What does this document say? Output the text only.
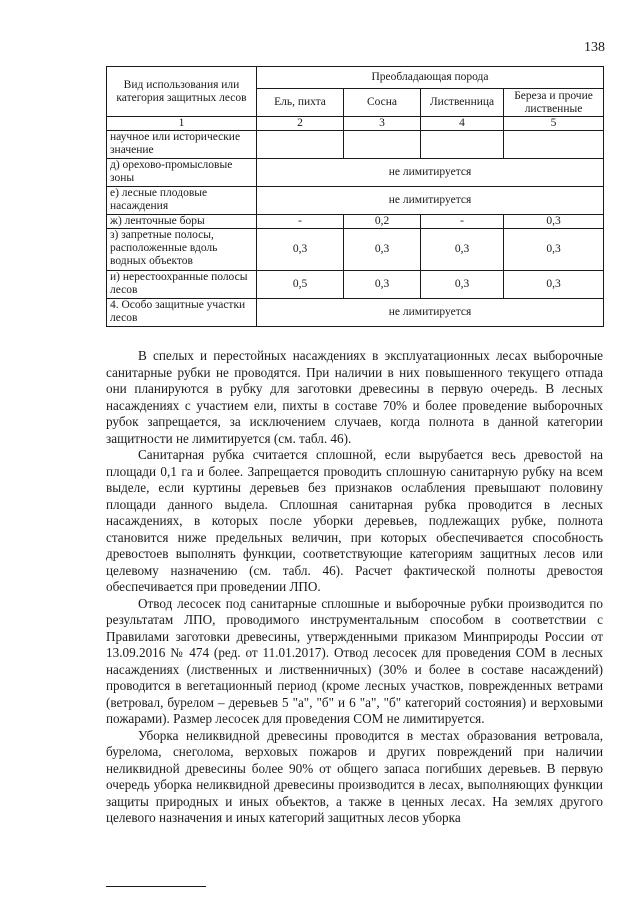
138
Вид использования или категория защитных лесов	Преобладающая порода			
	Ель, пихта	Сосна	Лиственница	Береза и прочие лиственные
1	2	3	4	5
научное или исторические значение				
д) орехово-промысловые зоны	не лимитируется			
е) лесные плодовые насаждения	не лимитируется			
ж) ленточные боры	-	0,2	-	0,3
з) запретные полосы, расположенные вдоль водных объектов	0,3	0,3	0,3	0,3
и) нерестоохранные полосы лесов	0,5	0,3	0,3	0,3
4. Особо защитные участки лесов	не лимитируется			

В спелых и перестойных насаждениях в эксплуатационных лесах выборочные санитарные рубки не проводятся. При наличии в них повышенного текущего отпада они планируются в рубку для заготовки древесины в первую очередь. В лесных насаждениях с участием ели, пихты в составе 70% и более проведение выборочных рубок запрещается, за исключением случаев, когда полнота в данной категории защитности не лимитируется (см. табл. 46).

Санитарная рубка считается сплошной, если вырубается весь древостой на площади 0,1 га и более. Запрещается проводить сплошную санитарную рубку на всем выделе, если куртины деревьев без признаков ослабления превышают половину площади данного выдела. Сплошная санитарная рубка проводится в лесных насаждениях, в которых после уборки деревьев, подлежащих рубке, полнота становится ниже предельных величин, при которых обеспечивается способность древостоев выполнять функции, соответствующие категориям защитных лесов или целевому назначению (см. табл. 46). Расчет фактической полноты древостоя обеспечивается при проведении ЛПО.

Отвод лесосек под санитарные сплошные и выборочные рубки производится по результатам ЛПО, проводимого инструментальным способом в соответствии с Правилами заготовки древесины, утвержденными приказом Минприроды России от 13.09.2016 № 474 (ред. от 11.01.2017). Отвод лесосек для проведения СОМ в лесных насаждениях (лиственных и лиственничных) (30% и более в составе насаждений) проводится в вегетационный период (кроме лесных участков, поврежденных ветрами (ветровал, бурелом – деревьев 5 "а", "б" и 6 "а", "б" категорий состояния) и верховыми пожарами). Размер лесосек для проведения СОМ не лимитируется.

Уборка неликвидной древесины проводится в местах образования ветровала, бурелома, снеголома, верховых пожаров и других повреждений при наличии неликвидной древесины более 90% от общего запаса погибших деревьев. В первую очередь уборка неликвидной древесины производится в лесах, выполняющих функции защиты природных и иных объектов, а также в ценных лесах. На землях другого целевого назначения и иных категорий защитных лесов уборка
